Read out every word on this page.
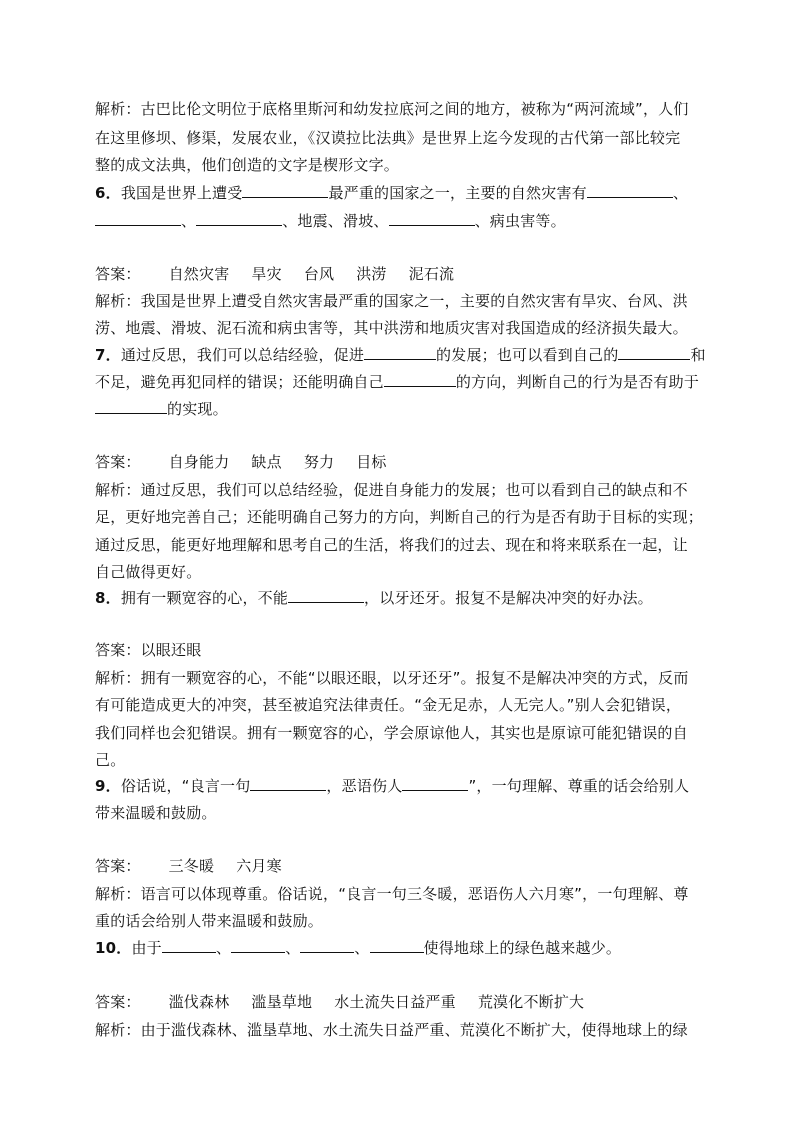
解析：古巴比伦文明位于底格里斯河和幼发拉底河之间的地方，被称为“两河流域”，人们
在这里修坝、修渠，发展农业，《汉谟拉比法典》是世界上迄今发现的古代第一部比较完
整的成文法典，他们创造的文字是楔形文字。
6．我国是世界上遭受	最严重的国家之一，主要的自然灾害有	、
、	、地震、滑坡、	、病虫害等。
答案： 自然灾害 旱灾 台风 洪涝 泥石流
解析：我国是世界上遭受自然灾害最严重的国家之一，主要的自然灾害有旱灾、台风、洪
涝、地震、滑坡、泥石流和病虫害等，其中洪涝和地质灾害对我国造成的经济损失最大。
7．通过反思，我们可以总结经验，促进	的发展；也可以看到自己的	和
不足，避免再犯同样的错误；还能明确自己	的方向，判断自己的行为是否有助于
的实现。
答案： 自身能力 缺点 努力 目标
解析：通过反思，我们可以总结经验，促进自身能力的发展；也可以看到自己的缺点和不
足，更好地完善自己；还能明确自己努力的方向，判断自己的行为是否有助于目标的实现；
通过反思，能更好地理解和思考自己的生活，将我们的过去、现在和将来联系在一起，让
自己做得更好。
8．拥有一颗宽容的心，不能	，以牙还牙。报复不是解决冲突的好办法。
答案：以眼还眼
解析：拥有一颗宽容的心，不能“以眼还眼，以牙还牙”。报复不是解决冲突的方式，反而
有可能造成更大的冲突，甚至被追究法律责任。“金无足赤，人无完人。”别人会犯错误，
我们同样也会犯错误。拥有一颗宽容的心，学会原谅他人，其实也是原谅可能犯错误的自
己。
9．俗话说，“良言一句	，恶语伤人	”，一句理解、尊重的话会给别人
带来温暖和鼓励。
答案： 三冬暖 六月寒
解析：语言可以体现尊重。俗话说，“良言一句三冬暖，恶语伤人六月寒”，一句理解、尊
重的话会给别人带来温暖和鼓励。
10．由于	、	、	、	使得地球上的绿色越来越少。
答案： 滥伐森林 滥垦草地 水土流失日益严重 荒漠化不断扩大
解析：由于滥伐森林、滥垦草地、水土流失日益严重、荒漠化不断扩大，使得地球上的绿
